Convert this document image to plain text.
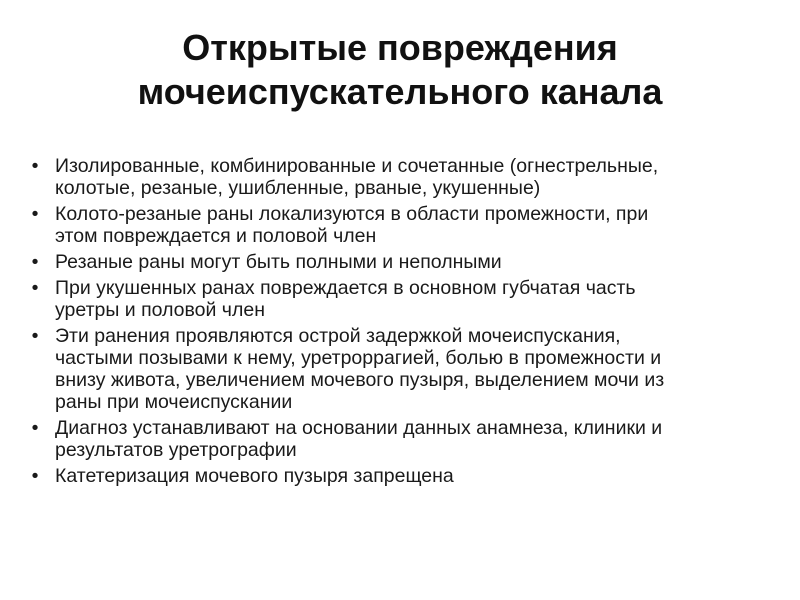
Открытые повреждения
мочеиспускательного канала
• Изолированные, комбинированные и сочетанные (огнестрельные,
колотые, резаные, ушибленные, рваные, укушенные)
• Колото-резаные раны локализуются в области промежности, при
этом повреждается и половой член
• Резаные раны могут быть полными и неполными
• При укушенных ранах повреждается в основном губчатая часть
уретры и половой член
• Эти ранения проявляются острой задержкой мочеиспускания,
частыми позывами к нему, уретроррагией, болью в промежности и
внизу живота, увеличением мочевого пузыря, выделением мочи из
раны при мочеиспускании
• Диагноз устанавливают на основании данных анамнеза, клиники и
результатов уретрографии
• Катетеризация мочевого пузыря запрещена
